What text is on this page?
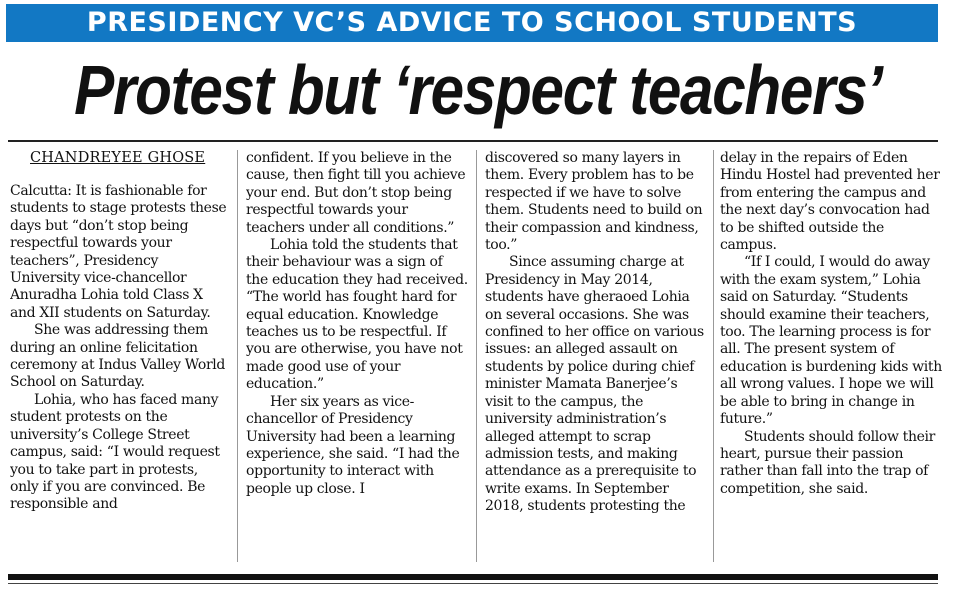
PRESIDENCY VC’S ADVICE TO SCHOOL STUDENTS
Protest but ‘respect teachers’
CHANDREYEE GHOSE

Calcutta: It is fashionable for students to stage protests these days but “don’t stop being respectful towards your teachers”, Presidency University vice-chancellor Anuradha Lohia told Class X and XII students on Saturday.

She was addressing them during an online felicitation ceremony at Indus Valley World School on Saturday.

Lohia, who has faced many student protests on the university’s College Street campus, said: “I would request you to take part in protests, only if you are convinced. Be responsible and

confident. If you believe in the cause, then fight till you achieve your end. But don’t stop being respectful towards your teachers under all conditions.”

Lohia told the students that their behaviour was a sign of the education they had received. “The world has fought hard for equal education. Knowledge teaches us to be respectful. If you are otherwise, you have not made good use of your education.”

Her six years as vice-chancellor of Presidency University had been a learning experience, she said. “I had the opportunity to interact with people up close. I

discovered so many layers in them. Every problem has to be respected if we have to solve them. Students need to build on their compassion and kindness, too.”

Since assuming charge at Presidency in May 2014, students have gheraoed Lohia on several occasions. She was confined to her office on various issues: an alleged assault on students by police during chief minister Mamata Banerjee’s visit to the campus, the university administration’s alleged attempt to scrap admission tests, and making attendance as a prerequisite to write exams. In September 2018, students protesting the

delay in the repairs of Eden Hindu Hostel had prevented her from entering the campus and the next day’s convocation had to be shifted outside the campus.

“If I could, I would do away with the exam system,” Lohia said on Saturday. “Students should examine their teachers, too. The learning process is for all. The present system of education is burdening kids with all wrong values. I hope we will be able to bring in change in future.”

Students should follow their heart, pursue their passion rather than fall into the trap of competition, she said.
